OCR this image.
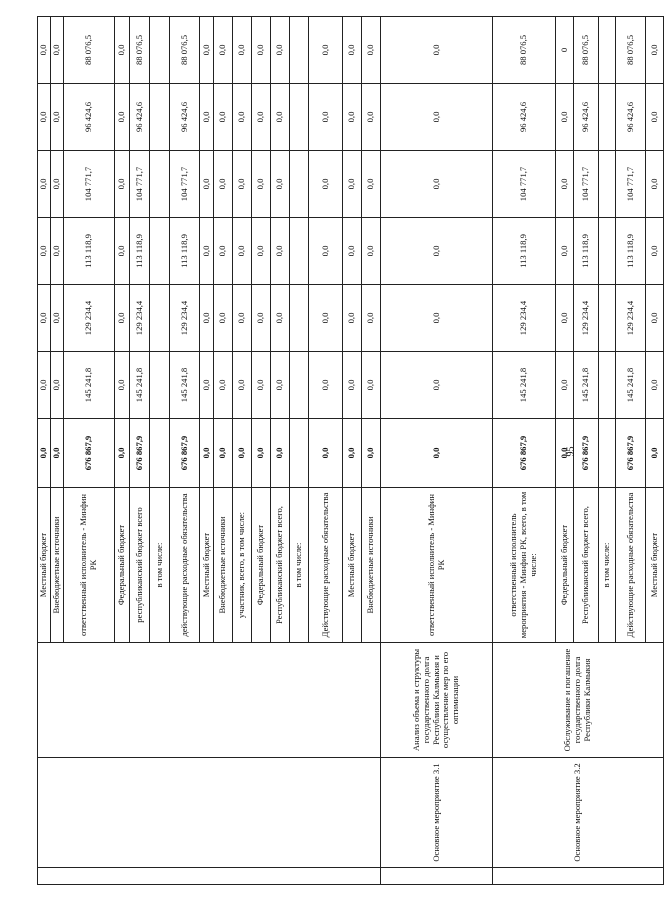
			Местный бюджет	0,0	0,0	0,0	0,0	0,0	0,0	0,0
			Внебюджетные источники	0,0	0,0	0,0	0,0	0,0	0,0	0,0
			ответственный исполнитель - Минфин РК	676 867,9	145 241,8	129 234,4	113 118,9	104 771,7	96 424,6	88 076,5
			Федеральный бюджет	0,0	0,0	0,0	0,0	0,0	0,0	0,0
			республиканский бюджет всего	676 867,9	145 241,8	129 234,4	113 118,9	104 771,7	96 424,6	88 076,5
			в том числе:							
			действующие расходные обязательства	676 867,9	145 241,8	129 234,4	113 118,9	104 771,7	96 424,6	88 076,5
			Местный бюджет	0,0	0,0	0,0	0,0	0,0	0,0	0,0
			Внебюджетные источники	0,0	0,0	0,0	0,0	0,0	0,0	0,0
			участник, всего, в том числе:	0,0	0,0	0,0	0,0	0,0	0,0	0,0
			Федеральный бюджет	0,0	0,0	0,0	0,0	0,0	0,0	0,0
			Республиканский бюджет всего,	0,0	0,0	0,0	0,0	0,0	0,0	0,0
			в том числе:							
			Действующие расходные обязательства	0,0	0,0	0,0	0,0	0,0	0,0	0,0
			Местный бюджет	0,0	0,0	0,0	0,0	0,0	0,0	0,0
			Внебюджетные источники	0,0	0,0	0,0	0,0	0,0	0,0	0,0
	Основное мероприятие 3.1	Анализ объема и структуры государственного долга Республики Калмыкия и осуществление мер по его оптимизации	ответственный исполнитель - Минфин РК	0,0	0,0	0,0	0,0	0,0	0,0	0,0
	Основное мероприятие 3.2	Обслуживание и погашение государственного долга Республики Калмыкия	ответственный исполнитель мероприятия - Минфин РК, всего, в том числе:	676 867,9	145 241,8	129 234,4	113 118,9	104 771,7	96 424,6	88 076,5
			Федеральный бюджет	0,0	0,0	0,0	0,0	0,0	0,0	0
			Республиканский бюджет всего,	676 867,9	145 241,8	129 234,4	113 118,9	104 771,7	96 424,6	88 076,5
			в том числе:							
			Действующие расходные обязательства	676 867,9	145 241,8	129 234,4	113 118,9	104 771,7	96 424,6	88 076,5
			Местный бюджет	0,0	0,0	0,0	0,0	0,0	0,0	0,0
95
